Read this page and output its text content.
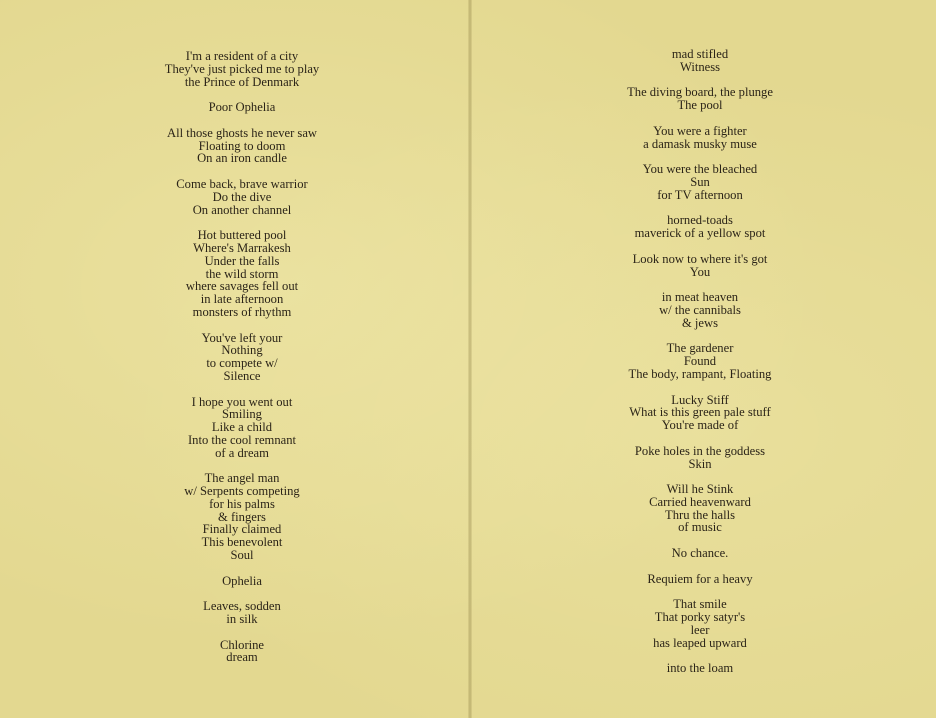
I'm a resident of a city
They've just picked me to play
the Prince of Denmark
Poor Ophelia
All those ghosts he never saw
Floating to doom
On an iron candle
Come back, brave warrior
Do the dive
On another channel
Hot buttered pool
Where's Marrakesh
Under the falls
the wild storm
where savages fell out
in late afternoon
monsters of rhythm
You've left your
Nothing
to compete w/
Silence
I hope you went out
Smiling
Like a child
Into the cool remnant
of a dream
The angel man
w/ Serpents competing
for his palms
& fingers
Finally claimed
This benevolent
Soul
Ophelia
Leaves, sodden
in silk
Chlorine
dream
mad stifled
Witness
The diving board, the plunge
The pool
You were a fighter
a damask musky muse
You were the bleached
Sun
for TV afternoon
horned-toads
maverick of a yellow spot
Look now to where it's got
You
in meat heaven
w/ the cannibals
& jews
The gardener
Found
The body, rampant, Floating
Lucky Stiff
What is this green pale stuff
You're made of
Poke holes in the goddess
Skin
Will he Stink
Carried heavenward
Thru the halls
of music
No chance.
Requiem for a heavy
That smile
That porky satyr's
leer
has leaped upward
into the loam
